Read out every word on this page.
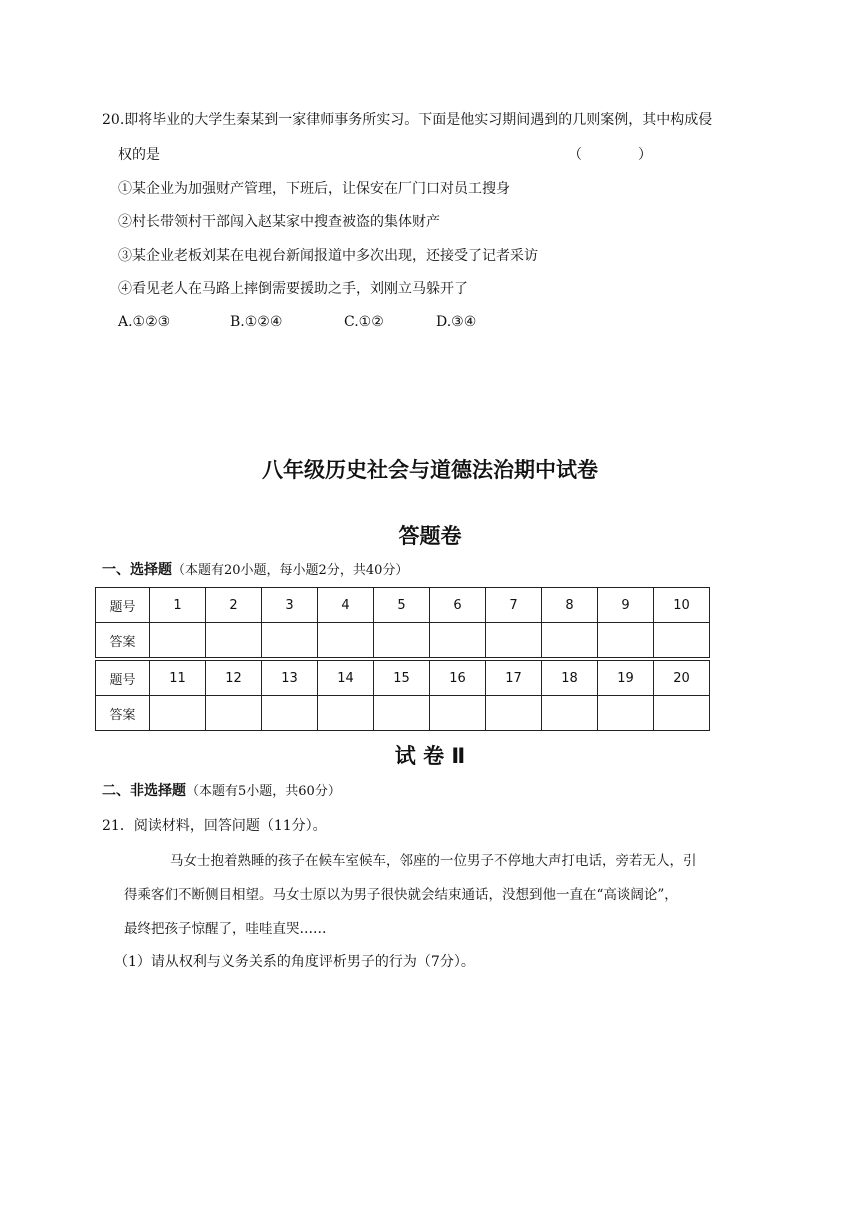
20.即将毕业的大学生秦某到一家律师事务所实习。下面是他实习期间遇到的几则案例，其中构成侵
权的是	（　　　　）
①某企业为加强财产管理，下班后，让保安在厂门口对员工搜身
②村长带领村干部闯入赵某家中搜查被盗的集体财产
③某企业老板刘某在电视台新闻报道中多次出现，还接受了记者采访
④看见老人在马路上摔倒需要援助之手，刘刚立马躲开了
A.①②③	B.①②④	C.①②	D.③④
八年级历史社会与道德法治期中试卷
答题卷
一、选择题（本题有20小题，每小题2分，共40分）
题号	1	2	3	4	5	6	7	8	9	10
答案										
题号	11	12	13	14	15	16	17	18	19	20
答案										
试 卷 Ⅱ
二、非选择题（本题有5小题，共60分）
21．阅读材料，回答问题（11分）。
马女士抱着熟睡的孩子在候车室候车，邻座的一位男子不停地大声打电话，旁若无人，引
得乘客们不断侧目相望。马女士原以为男子很快就会结束通话，没想到他一直在“高谈阔论”，
最终把孩子惊醒了，哇哇直哭……
（1）请从权利与义务关系的角度评析男子的行为（7分）。
